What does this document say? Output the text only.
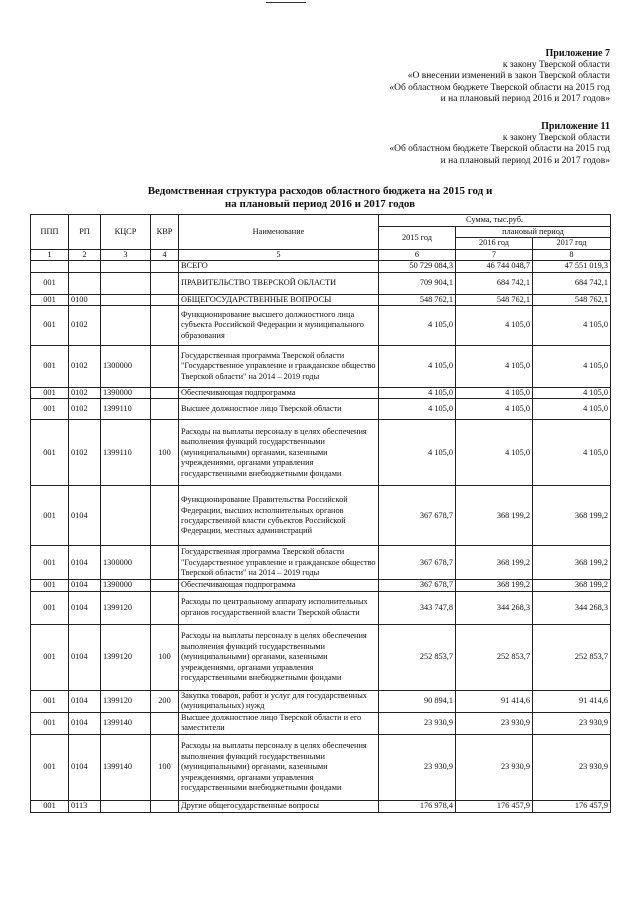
Приложение 7
к закону Тверской области
«О внесении изменений в закон Тверской области
«Об областном бюджете Тверской области на 2015 год
и на плановый период 2016 и 2017 годов»
Приложение 11
к закону Тверской области
«Об областном бюджете Тверской области на 2015 год
и на плановый период 2016 и 2017 годов»
Ведомственная структура расходов областного бюджета на 2015 год и
на плановый период 2016 и 2017 годов
ППП	РП	КЦСР	КВР	Наименование	Сумма, тыс.руб.		
					2015 год	плановый период	
						2016 год	2017 год
1	2	3	4	5	6	7	8
				ВСЕГО	50 729 084,3	46 744 048,7	47 551 019,3
001				ПРАВИТЕЛЬСТВО ТВЕРСКОЙ ОБЛАСТИ	709 904,1	684 742,1	684 742,1
001	0100			ОБЩЕГОСУДАРСТВЕННЫЕ ВОПРОСЫ	548 762,1	548 762,1	548 762,1
001	0102			Функционирование высшего должностного лица субъекта Российской Федерации и муниципального образования	4 105,0	4 105,0	4 105,0
001	0102	1300000		Государственная программа Тверской области "Государственное управление и гражданское общество Тверской области" на 2014 – 2019 годы	4 105,0	4 105,0	4 105,0
001	0102	1390000		Обеспечивающая подпрограмма	4 105,0	4 105,0	4 105,0
001	0102	1399110		Высшее должностное лицо Тверской области	4 105,0	4 105,0	4 105,0
001	0102	1399110	100	Расходы на выплаты персоналу в целях обеспечения выполнения функций государственными (муниципальными) органами, казенными учреждениями, органами управления государственными внебюджетными фондами	4 105,0	4 105,0	4 105,0
001	0104			Функционирование Правительства Российской Федерации, высших исполнительных органов государственной власти субъектов Российской Федерации, местных администраций	367 678,7	368 199,2	368 199,2
001	0104	1300000		Государственная программа Тверской области "Государственное управление и гражданское общество Тверской области" на 2014 – 2019 годы	367 678,7	368 199,2	368 199,2
001	0104	1390000		Обеспечивающая подпрограмма	367 678,7	368 199,2	368 199,2
001	0104	1399120		Расходы по центральному аппарату исполнительных органов государственной власти Тверской области	343 747,8	344 268,3	344 268,3
001	0104	1399120	100	Расходы на выплаты персоналу в целях обеспечения выполнения функций государственными (муниципальными) органами, казенными учреждениями, органами управления государственными внебюджетными фондами	252 853,7	252 853,7	252 853,7
001	0104	1399120	200	Закупка товаров, работ и услуг для государственных (муниципальных) нужд	90 894,1	91 414,6	91 414,6
001	0104	1399140		Высшее должностное лицо Тверской области и его заместители	23 930,9	23 930,9	23 930,9
001	0104	1399140	100	Расходы на выплаты персоналу в целях обеспечения выполнения функций государственными (муниципальными) органами, казенными учреждениями, органами управления государственными внебюджетными фондами	23 930,9	23 930,9	23 930,9
001	0113			Другие общегосударственные вопросы	176 978,4	176 457,9	176 457,9
